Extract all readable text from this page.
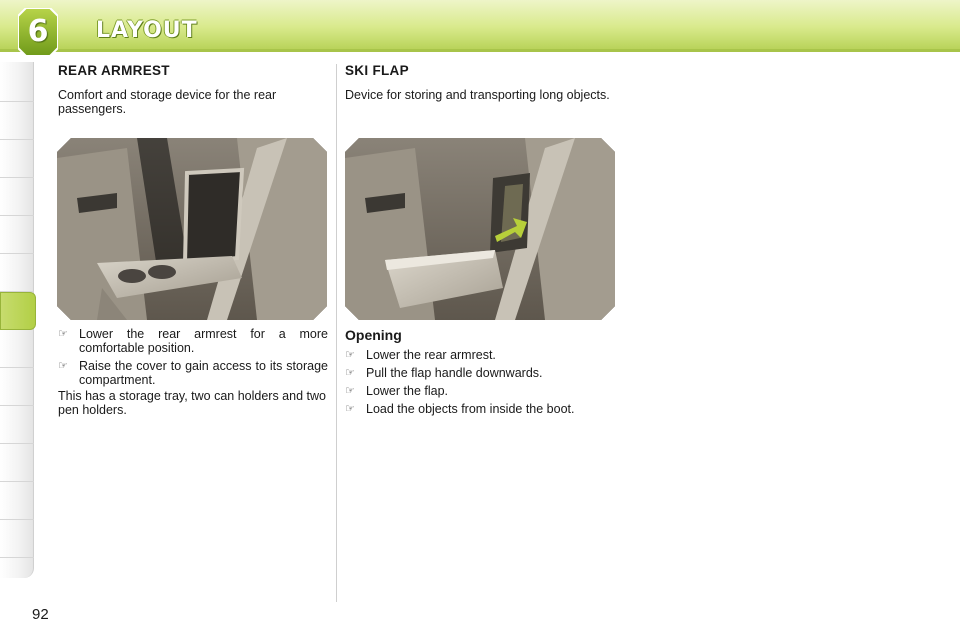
6	LAYOUT
REAR ARMREST
Comfort and storage device for the rear passengers.
☞ Lower the rear armrest for a more comfortable position.
☞ Raise the cover to gain access to its storage compartment.
This has a storage tray, two can holders and two pen holders.
SKI FLAP
Device for storing and transporting long objects.
Opening
☞ Lower the rear armrest.
☞ Pull the flap handle downwards.
☞ Lower the flap.
☞ Load the objects from inside the boot.
92
